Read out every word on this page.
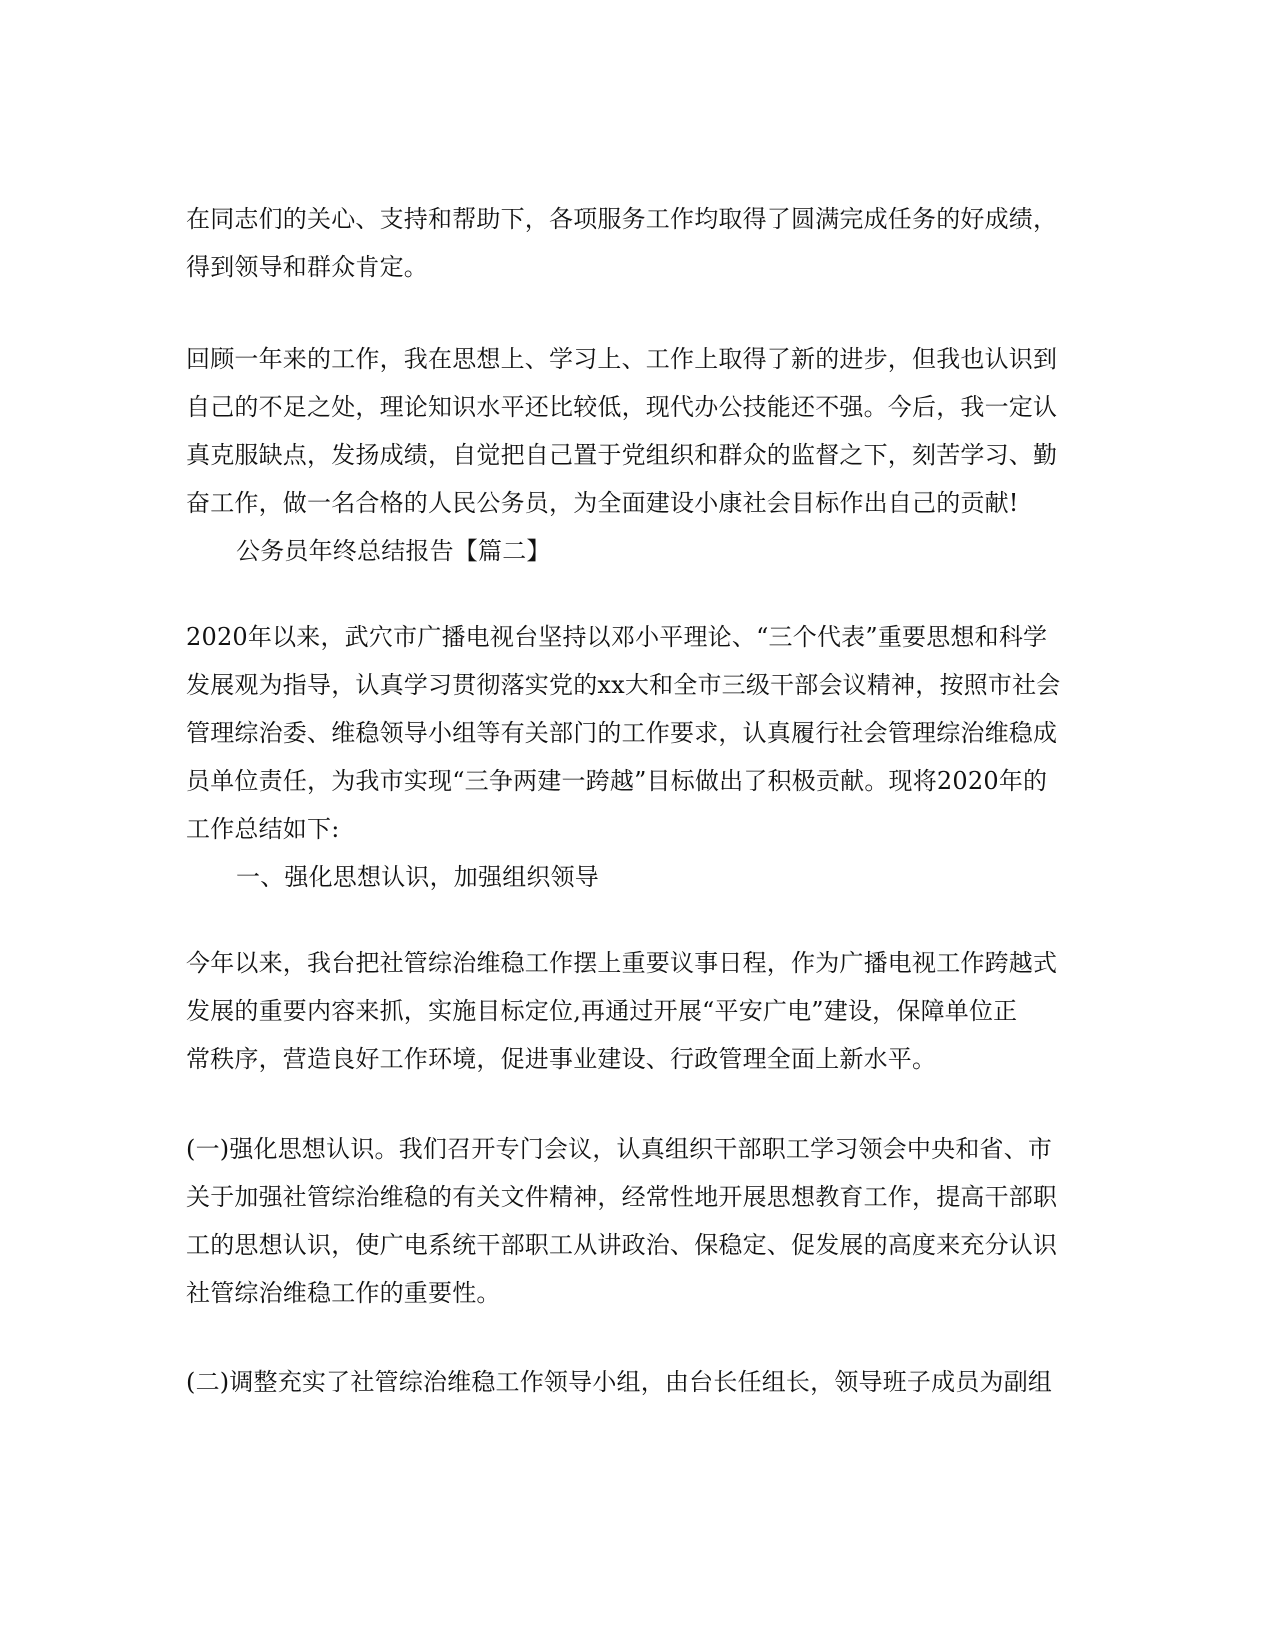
在同志们的关心、支持和帮助下，各项服务工作均取得了圆满完成任务的好成绩，
得到领导和群众肯定。
回顾一年来的工作，我在思想上、学习上、工作上取得了新的进步，但我也认识到
自己的不足之处，理论知识水平还比较低，现代办公技能还不强。今后，我一定认
真克服缺点，发扬成绩，自觉把自己置于党组织和群众的监督之下，刻苦学习、勤
奋工作，做一名合格的人民公务员，为全面建设小康社会目标作出自己的贡献!
公务员年终总结报告【篇二】
2020年以来，武穴市广播电视台坚持以邓小平理论、“三个代表”重要思想和科学
发展观为指导，认真学习贯彻落实党的xx大和全市三级干部会议精神，按照市社会
管理综治委、维稳领导小组等有关部门的工作要求，认真履行社会管理综治维稳成
员单位责任，为我市实现“三争两建一跨越”目标做出了积极贡献。现将2020年的
工作总结如下:
一、强化思想认识，加强组织领导
今年以来，我台把社管综治维稳工作摆上重要议事日程，作为广播电视工作跨越式
发展的重要内容来抓，实施目标定位,再通过开展“平安广电”建设，保障单位正
常秩序，营造良好工作环境，促进事业建设、行政管理全面上新水平。
(一)强化思想认识。我们召开专门会议，认真组织干部职工学习领会中央和省、市
关于加强社管综治维稳的有关文件精神，经常性地开展思想教育工作，提高干部职
工的思想认识，使广电系统干部职工从讲政治、保稳定、促发展的高度来充分认识
社管综治维稳工作的重要性。
(二)调整充实了社管综治维稳工作领导小组，由台长任组长，领导班子成员为副组
